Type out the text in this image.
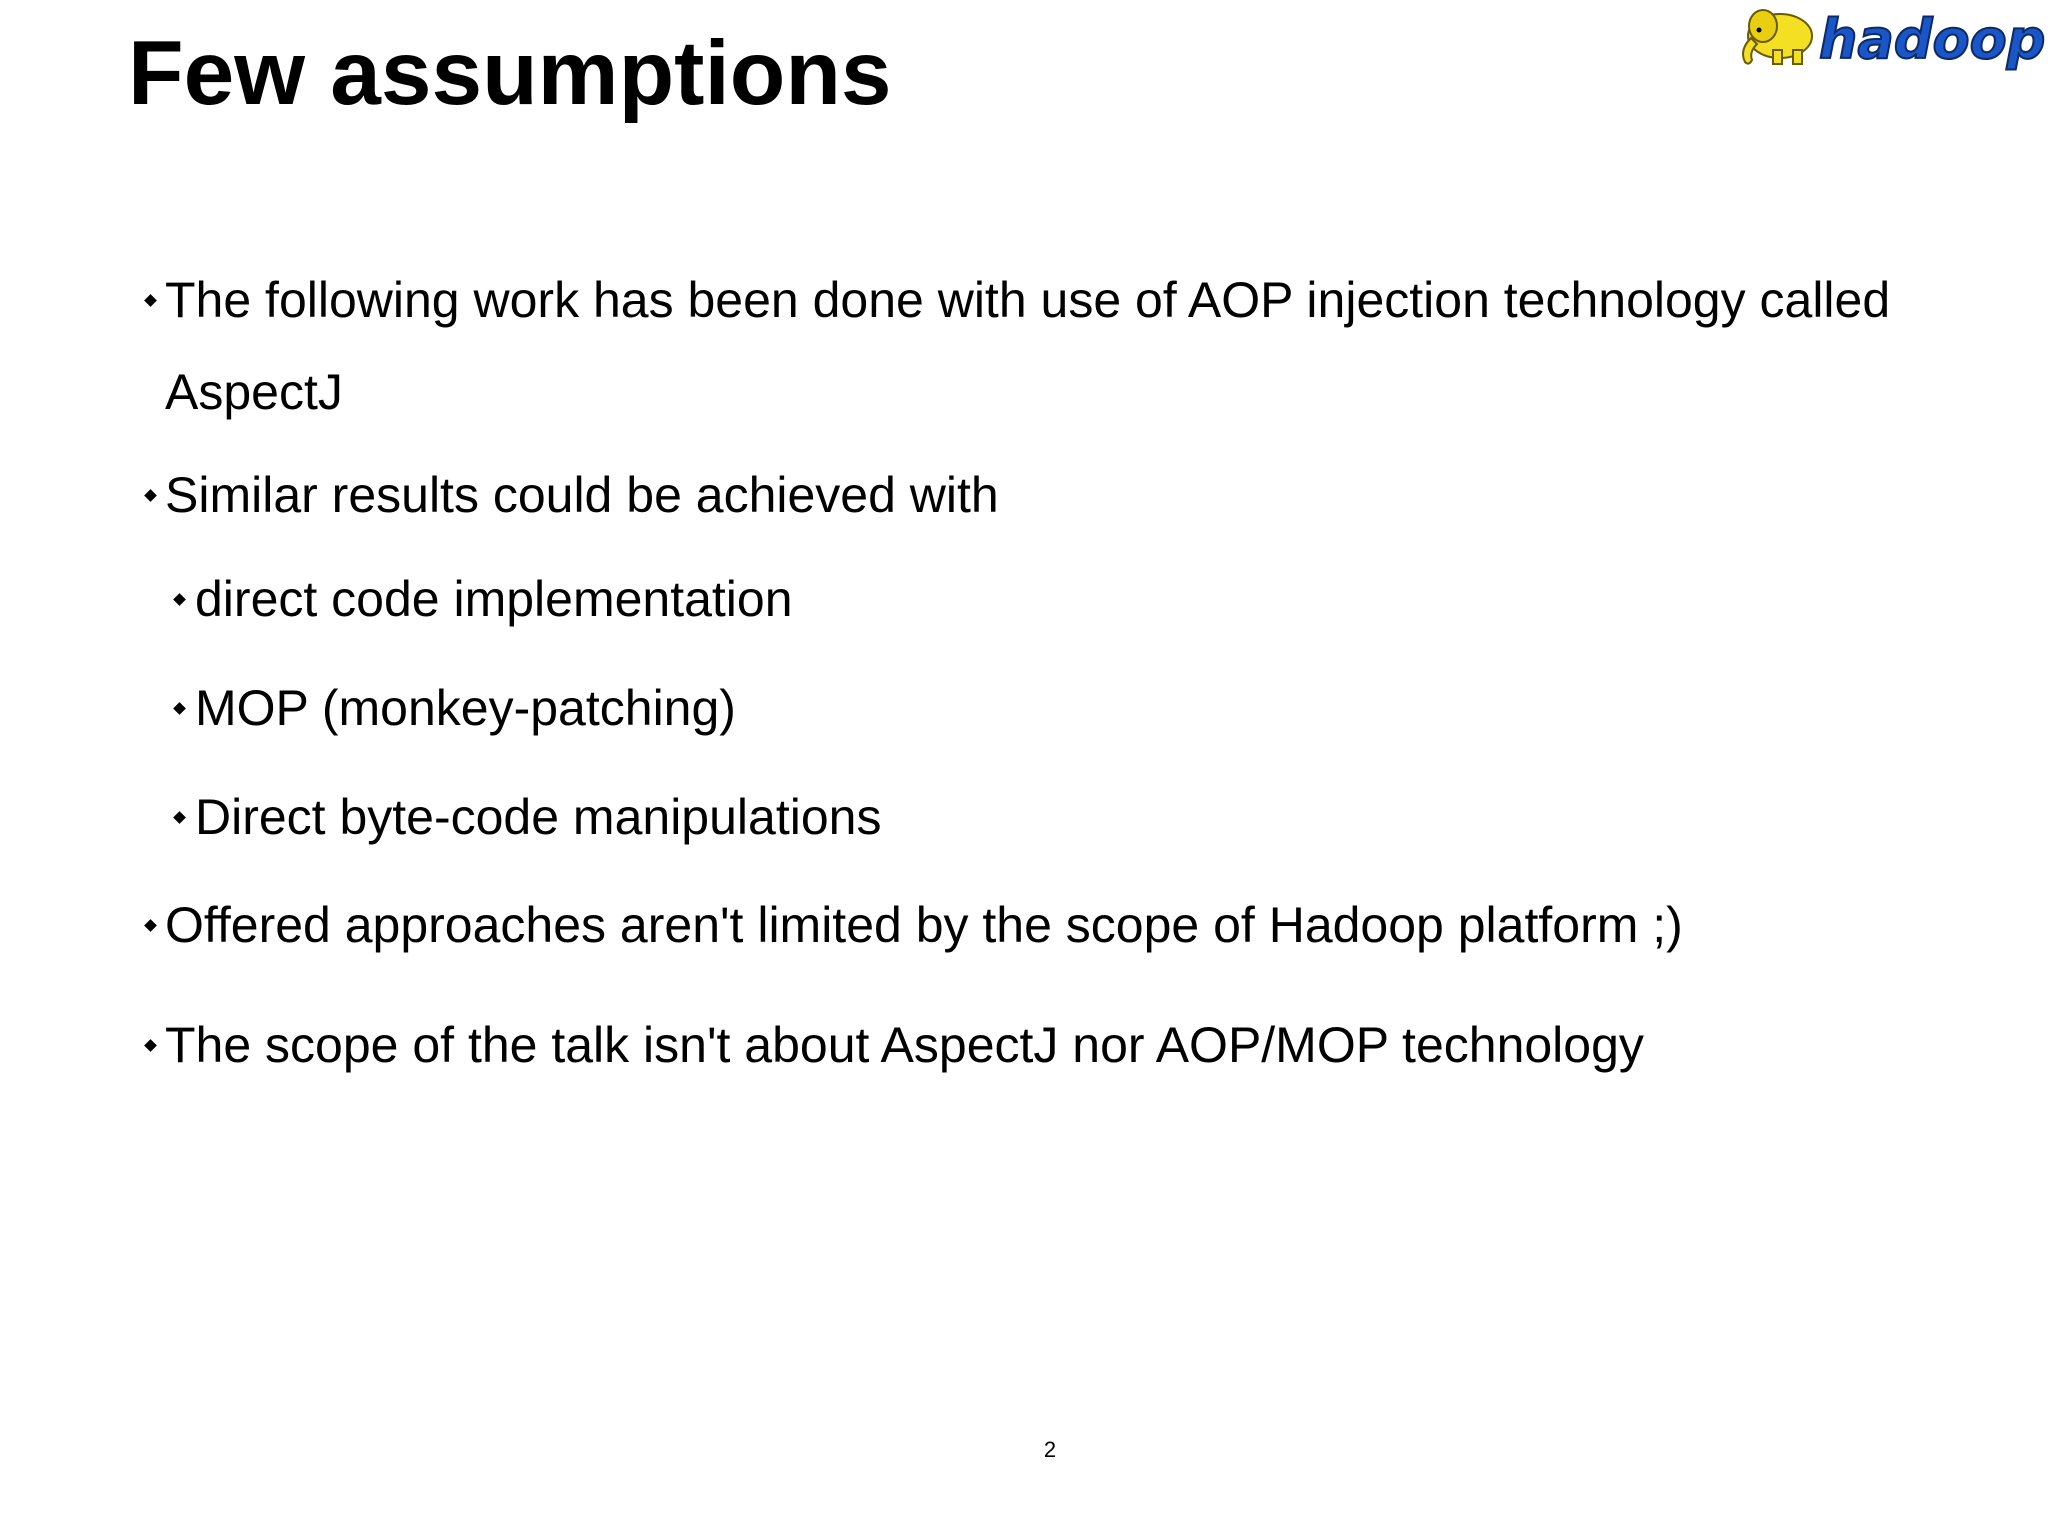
Few assumptions	hadoop
The following work has been done with use of AOP injection technology called AspectJ
Similar results could be achieved with
direct code implementation
MOP (monkey-patching)
Direct byte-code manipulations
Offered approaches aren't limited by the scope of Hadoop platform ;)
The scope of the talk isn't about AspectJ nor AOP/MOP technology
2
